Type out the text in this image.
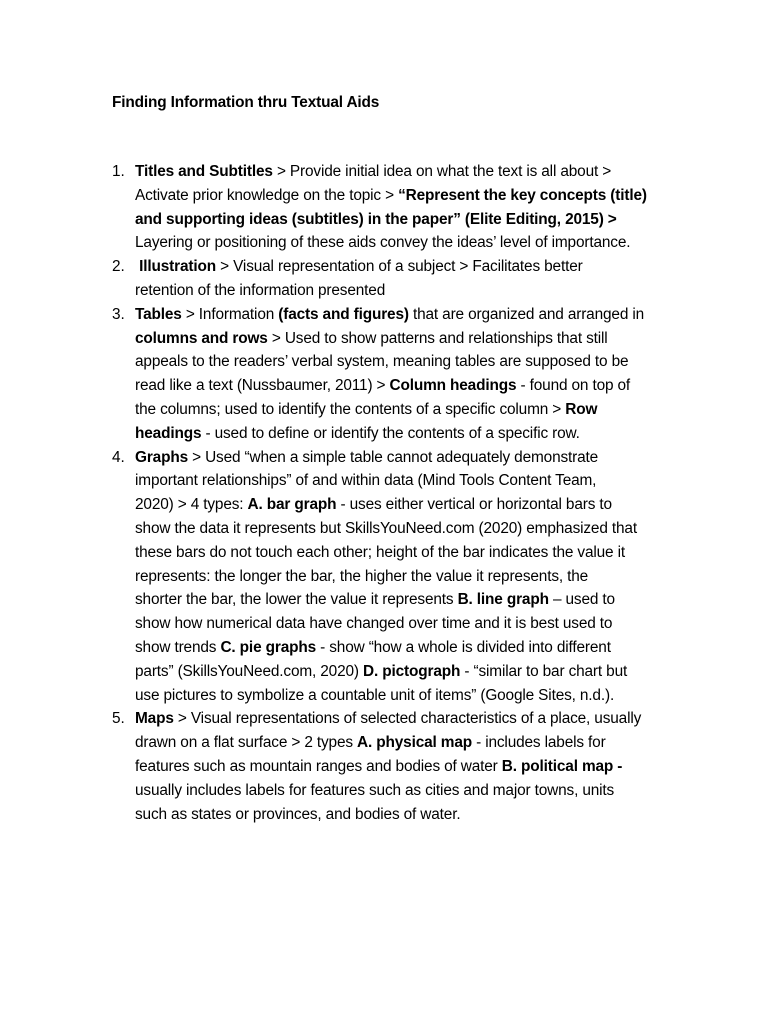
Finding Information thru Textual Aids
1. Titles and Subtitles > Provide initial idea on what the text is all about >
Activate prior knowledge on the topic > “Represent the key concepts (title)
and supporting ideas (subtitles) in the paper” (Elite Editing, 2015) >
Layering or positioning of these aids convey the ideas’ level of importance.
2. Illustration > Visual representation of a subject > Facilitates better
retention of the information presented
3. Tables > Information (facts and figures) that are organized and arranged in
columns and rows > Used to show patterns and relationships that still
appeals to the readers’ verbal system, meaning tables are supposed to be
read like a text (Nussbaumer, 2011) > Column headings - found on top of
the columns; used to identify the contents of a specific column > Row
headings - used to define or identify the contents of a specific row.
4. Graphs > Used “when a simple table cannot adequately demonstrate
important relationships” of and within data (Mind Tools Content Team,
2020) > 4 types: A. bar graph - uses either vertical or horizontal bars to
show the data it represents but SkillsYouNeed.com (2020) emphasized that
these bars do not touch each other; height of the bar indicates the value it
represents: the longer the bar, the higher the value it represents, the
shorter the bar, the lower the value it represents B. line graph – used to
show how numerical data have changed over time and it is best used to
show trends C. pie graphs - show “how a whole is divided into different
parts” (SkillsYouNeed.com, 2020) D. pictograph - “similar to bar chart but
use pictures to symbolize a countable unit of items” (Google Sites, n.d.).
5. Maps > Visual representations of selected characteristics of a place, usually
drawn on a flat surface > 2 types A. physical map - includes labels for
features such as mountain ranges and bodies of water B. political map -
usually includes labels for features such as cities and major towns, units
such as states or provinces, and bodies of water.
